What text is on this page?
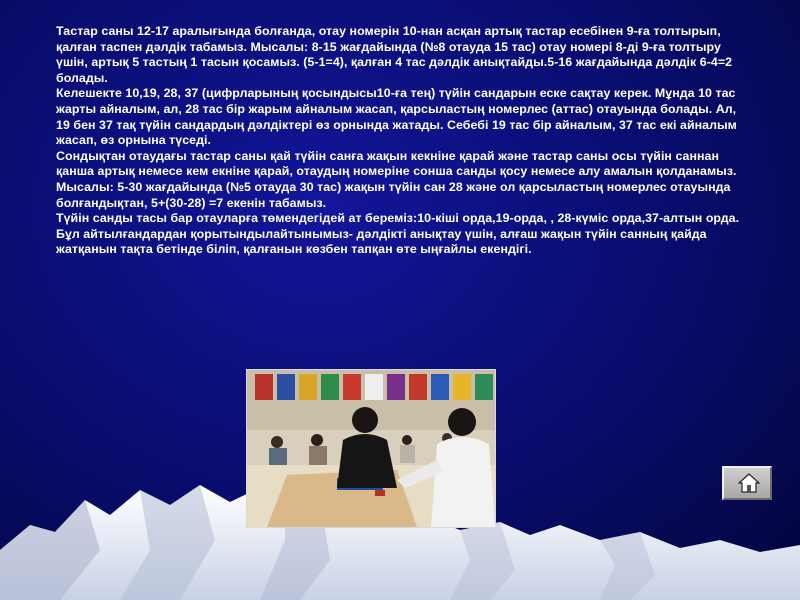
Тастар саны 12-17 аралығында болғанда, отау номерін 10-нан асқан артық тастар есебінен 9-ға толтырып, қалған таспен дәлдік табамыз. Мысалы: 8-15 жағдайында (№8 отауда 15 тас) отау номері 8-ді 9-ға толтыру үшін, артық 5 тастың 1 тасын қосамыз. (5-1=4), қалған 4 тас дәлдік анықтайды.5-16 жағдайында дәлдік 6-4=2 болады.

Келешекте 10,19, 28, 37 (цифрларының қосындысы10-ға тең) түйін сандарын еске сақтау керек. Мұнда 10 тас жарты айналым, ал, 28 тас бір жарым айналым жасап, қарсыластың номерлес (аттас) отауында болады. Ал, 19 бен 37 тақ түйін сандардың дәлдіктері өз орнында жатады. Себебі 19 тас бір айналым, 37 тас екі айналым жасап, өз орнына түседі.

Сондықтан отаудағы тастар саны қай түйін санға жақын кекніне қарай және тастар саны осы түйін саннан қанша артық немесе кем екніне қарай, отаудың номеріне сонша санды қосу немесе алу амалын қолданамыз. Мысалы: 5-30 жағдайында (№5 отауда 30 тас) жақын түйін сан 28 және ол қарсыластың номерлес отауында болғандықтан, 5+(30-28) =7 екенін табамыз.

Түйін санды тасы бар отауларға төмендегідей ат береміз:10-кіші орда,19-орда, , 28-күміс орда,37-алтын орда.

Бұл айтылғандардан қорытындылайтынымыз- дәлдікті анықтау үшін, алғаш жақын түйін санның қайда жатқанын тақта бетінде біліп, қалғанын көзбен тапқан өте ыңғайлы екендігі.
